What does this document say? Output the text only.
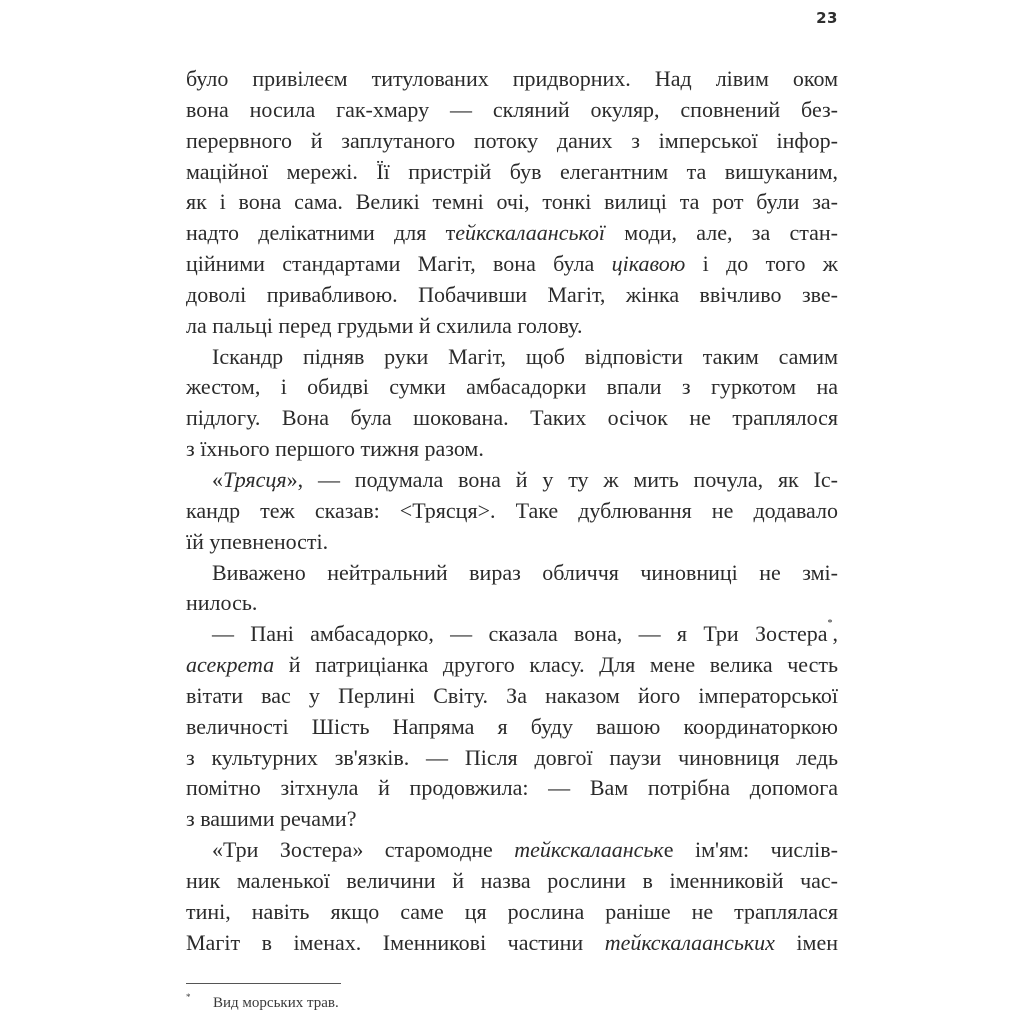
23
було привілеєм титулованих придворних. Над лівим оком
вона носила гак-хмару — скляний окуляр, сповнений без-
перервного й заплутаного потоку даних з імперської інфор-
маційної мережі. Її пристрій був елегантним та вишуканим,
як і вона сама. Великі темні очі, тонкі вилиці та рот були за-
надто делікатними для тейкскалаанської моди, але, за стан-
ційними стандартами Магіт, вона була цікавою і до того ж
доволі привабливою. Побачивши Магіт, жінка ввічливо зве-
ла пальці перед грудьми й схилила голову.
Іскандр підняв руки Магіт, щоб відповісти таким самим
жестом, і обидві сумки амбасадорки впали з гуркотом на
підлогу. Вона була шокована. Таких осічок не траплялося
з їхнього першого тижня разом.
«Трясця», — подумала вона й у ту ж мить почула, як Іс-
кандр теж сказав: <Трясця>. Таке дублювання не додавало
їй упевненості.
Виважено нейтральний вираз обличчя чиновниці не змі-
нилось.
— Пані амбасадорко, — сказала вона, — я Три Зостера*,
асекрета й патриціанка другого класу. Для мене велика честь
вітати вас у Перлині Світу. За наказом його імператорської
величності Шість Напряма я буду вашою координаторкою
з культурних зв'язків. — Після довгої паузи чиновниця ледь
помітно зітхнула й продовжила: — Вам потрібна допомога
з вашими речами?
«Три Зостера» старомодне тейкскалаанське ім'ям: числів-
ник маленької величини й назва рослини в іменниковій час-
тині, навіть якщо саме ця рослина раніше не траплялася
Магіт в іменах. Іменникові частини тейкскалаанських імен
* Вид морських трав.
